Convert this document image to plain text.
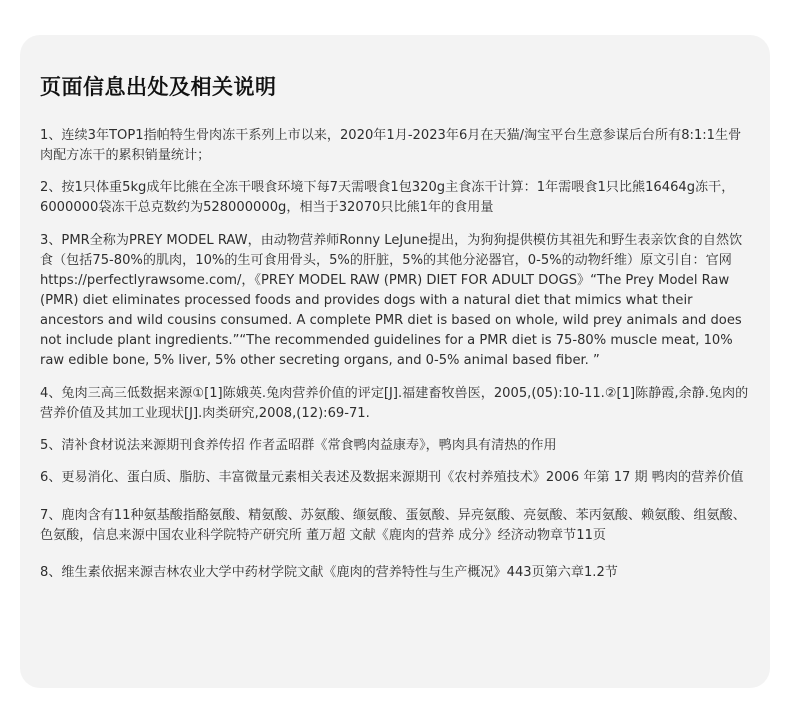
页面信息出处及相关说明

1、连续3年TOP1指帕特生骨肉冻干系列上市以来，2020年1月-2023年6月在天猫/淘宝平台生意参谋后台所有8:1:1生骨肉配方冻干的累积销量统计；

2、按1只体重5kg成年比熊在全冻干喂食环境下每7天需喂食1包320g主食冻干计算：1年需喂食1只比熊16464g冻干，6000000袋冻干总克数约为528000000g，相当于32070只比熊1年的食用量

3、PMR全称为PREY MODEL RAW，由动物营养师Ronny LeJune提出，为狗狗提供模仿其祖先和野生表亲饮食的自然饮食（包括75-80%的肌肉，10%的生可食用骨头，5%的肝脏，5%的其他分泌器官，0-5%的动物纤维）原文引自：官网https://perfectlyrawsome.com/，《PREY MODEL RAW (PMR) DIET FOR ADULT DOGS》“The Prey Model Raw (PMR) diet eliminates processed foods and provides dogs with a natural diet that mimics what their ancestors and wild cousins consumed. A complete PMR diet is based on whole, wild prey animals and does not include plant ingredients.”“The recommended guidelines for a PMR diet is 75-80% muscle meat, 10% raw edible bone, 5% liver, 5% other secreting organs, and 0-5% animal based fiber. ”

4、兔肉三高三低数据来源①[1]陈娥英.兔肉营养价值的评定[J].福建畜牧兽医，2005,(05):10-11.②[1]陈静霞,余静.兔肉的营养价值及其加工业现状[J].肉类研究,2008,(12):69-71.

5、清补食材说法来源期刊食养传招 作者孟昭群《常食鸭肉益康寿》，鸭肉具有清热的作用

6、更易消化、蛋白质、脂肪、丰富微量元素相关表述及数据来源期刊《农村养殖技术》2006 年第 17 期 鸭肉的营养价值

7、鹿肉含有11种氨基酸指酪氨酸、精氨酸、苏氨酸、缬氨酸、蛋氨酸、异亮氨酸、亮氨酸、苯丙氨酸、赖氨酸、组氨酸、色氨酸，信息来源中国农业科学院特产研究所 董万超 文献《鹿肉的营养 成分》经济动物章节11页

8、维生素依据来源吉林农业大学中药材学院文献《鹿肉的营养特性与生产概况》443页第六章1.2节
